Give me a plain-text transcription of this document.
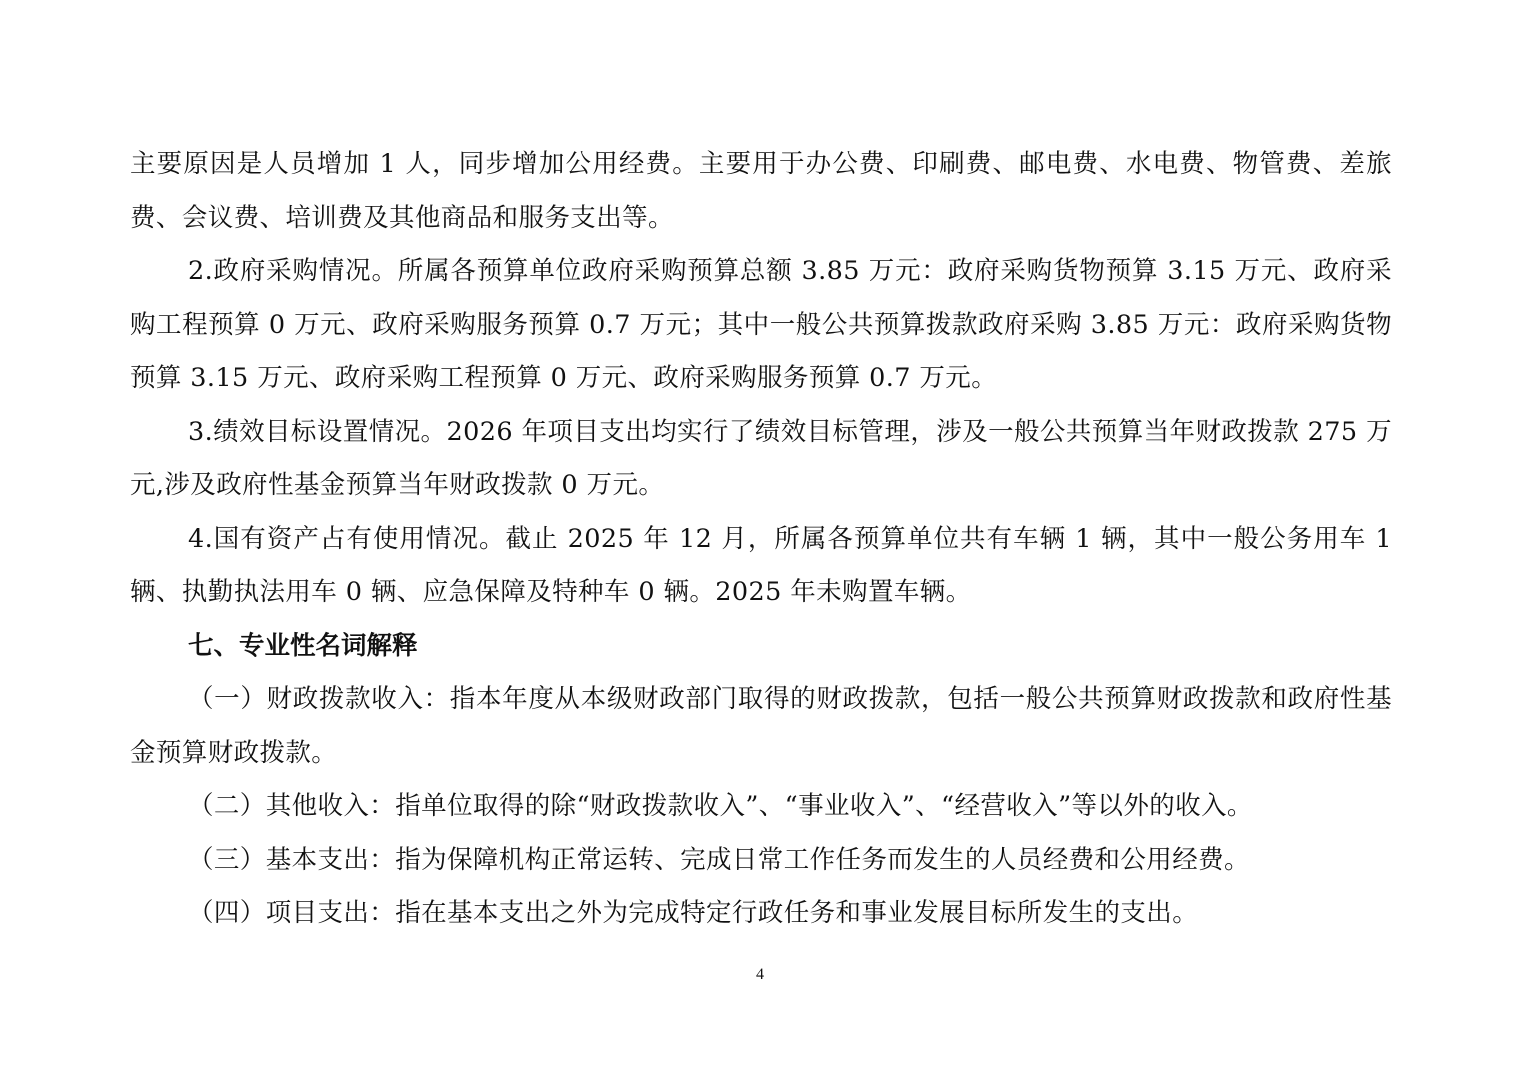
主要原因是人员增加 1 人，同步增加公用经费。主要用于办公费、印刷费、邮电费、水电费、物管费、差旅费、会议费、培训费及其他商品和服务支出等。

2.政府采购情况。所属各预算单位政府采购预算总额 3.85 万元：政府采购货物预算 3.15 万元、政府采购工程预算 0 万元、政府采购服务预算 0.7 万元；其中一般公共预算拨款政府采购 3.85 万元：政府采购货物预算 3.15 万元、政府采购工程预算 0 万元、政府采购服务预算 0.7 万元。

3.绩效目标设置情况。2026 年项目支出均实行了绩效目标管理，涉及一般公共预算当年财政拨款 275 万元,涉及政府性基金预算当年财政拨款 0 万元。

4.国有资产占有使用情况。截止 2025 年 12 月，所属各预算单位共有车辆 1 辆，其中一般公务用车 1 辆、执勤执法用车 0 辆、应急保障及特种车 0 辆。2025 年未购置车辆。

七、专业性名词解释

（一）财政拨款收入：指本年度从本级财政部门取得的财政拨款，包括一般公共预算财政拨款和政府性基金预算财政拨款。

（二）其他收入：指单位取得的除“财政拨款收入”、“事业收入”、“经营收入”等以外的收入。

（三）基本支出：指为保障机构正常运转、完成日常工作任务而发生的人员经费和公用经费。

（四）项目支出：指在基本支出之外为完成特定行政任务和事业发展目标所发生的支出。

4
